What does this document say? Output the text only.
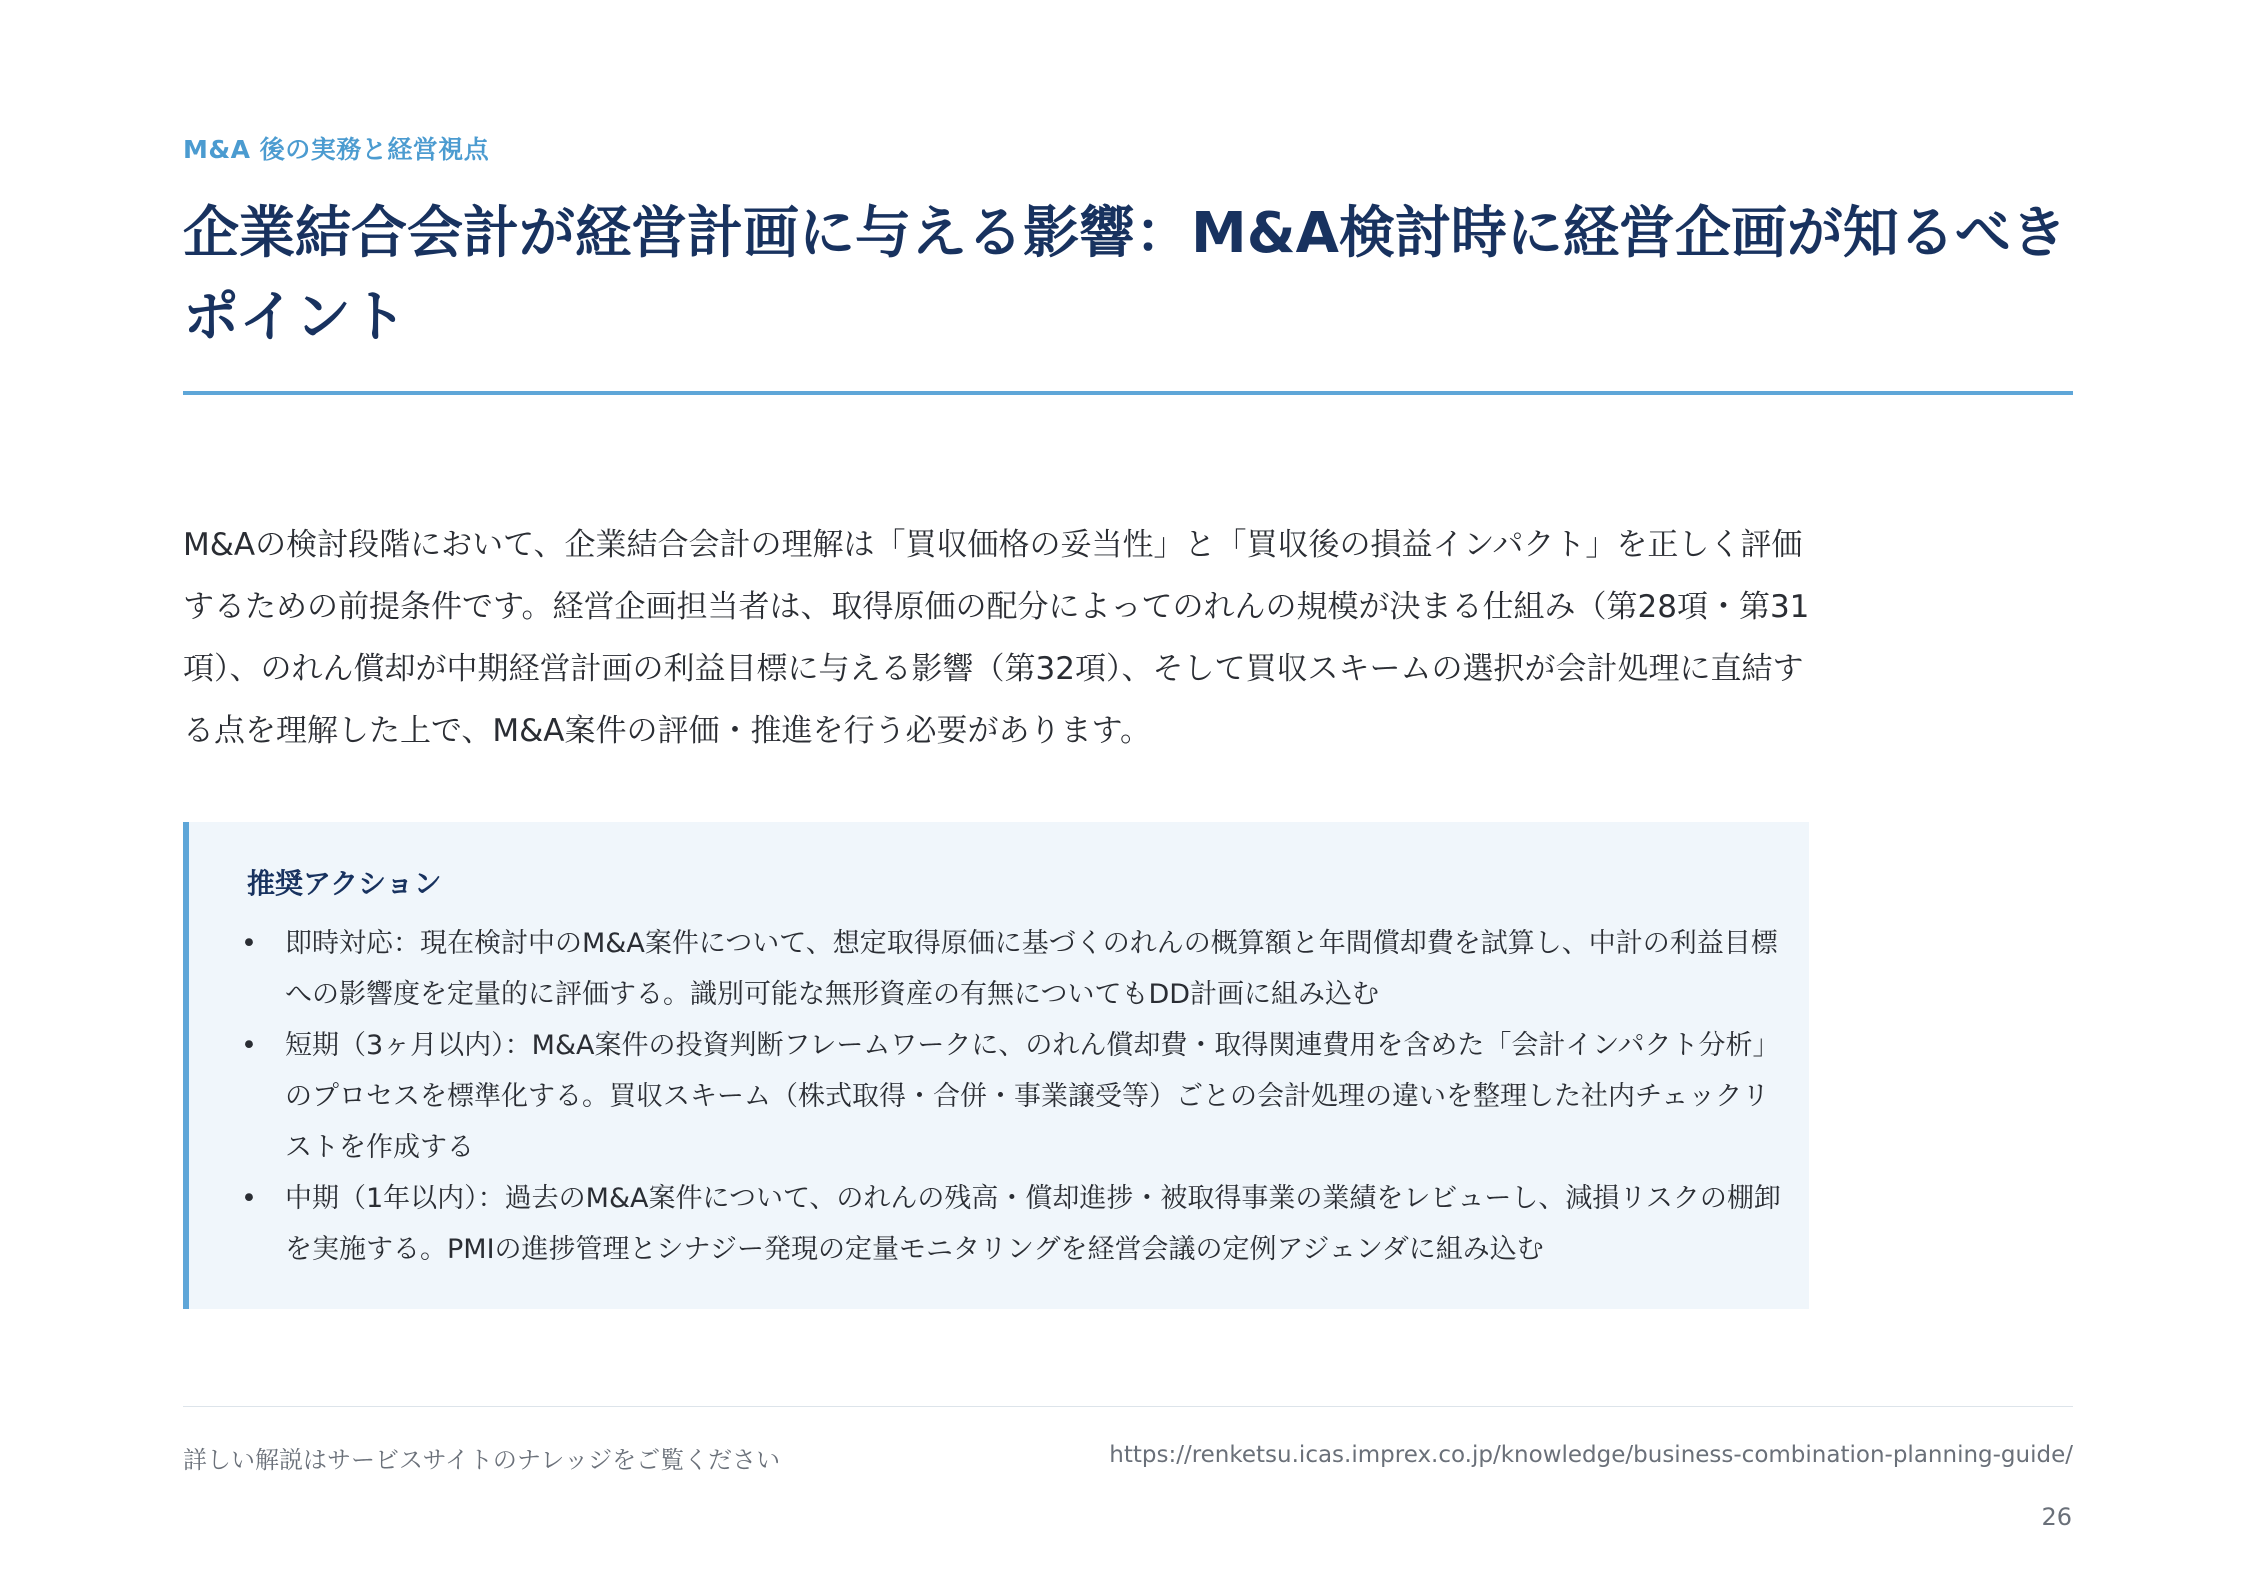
M&A 後の実務と経営視点
企業結合会計が経営計画に与える影響：M&A検討時に経営企画が知るべきポイント

M&Aの検討段階において、企業結合会計の理解は「買収価格の妥当性」と「買収後の損益インパクト」を正しく評価するための前提条件です。経営企画担当者は、取得原価の配分によってのれんの規模が決まる仕組み（第28項・第31項）、のれん償却が中期経営計画の利益目標に与える影響（第32項）、そして買収スキームの選択が会計処理に直結する点を理解した上で、M&A案件の評価・推進を行う必要があります。

推奨アクション
•	即時対応：現在検討中のM&A案件について、想定取得原価に基づくのれんの概算額と年間償却費を試算し、中計の利益目標への影響度を定量的に評価する。識別可能な無形資産の有無についてもDD計画に組み込む
•	短期（3ヶ月以内）：M&A案件の投資判断フレームワークに、のれん償却費・取得関連費用を含めた「会計インパクト分析」のプロセスを標準化する。買収スキーム（株式取得・合併・事業譲受等）ごとの会計処理の違いを整理した社内チェックリストを作成する
•	中期（1年以内）：過去のM&A案件について、のれんの残高・償却進捗・被取得事業の業績をレビューし、減損リスクの棚卸を実施する。PMIの進捗管理とシナジー発現の定量モニタリングを経営会議の定例アジェンダに組み込む
詳しい解説はサービスサイトのナレッジをご覧ください	https://renketsu.icas.imprex.co.jp/knowledge/business-combination-planning-guide/
26
